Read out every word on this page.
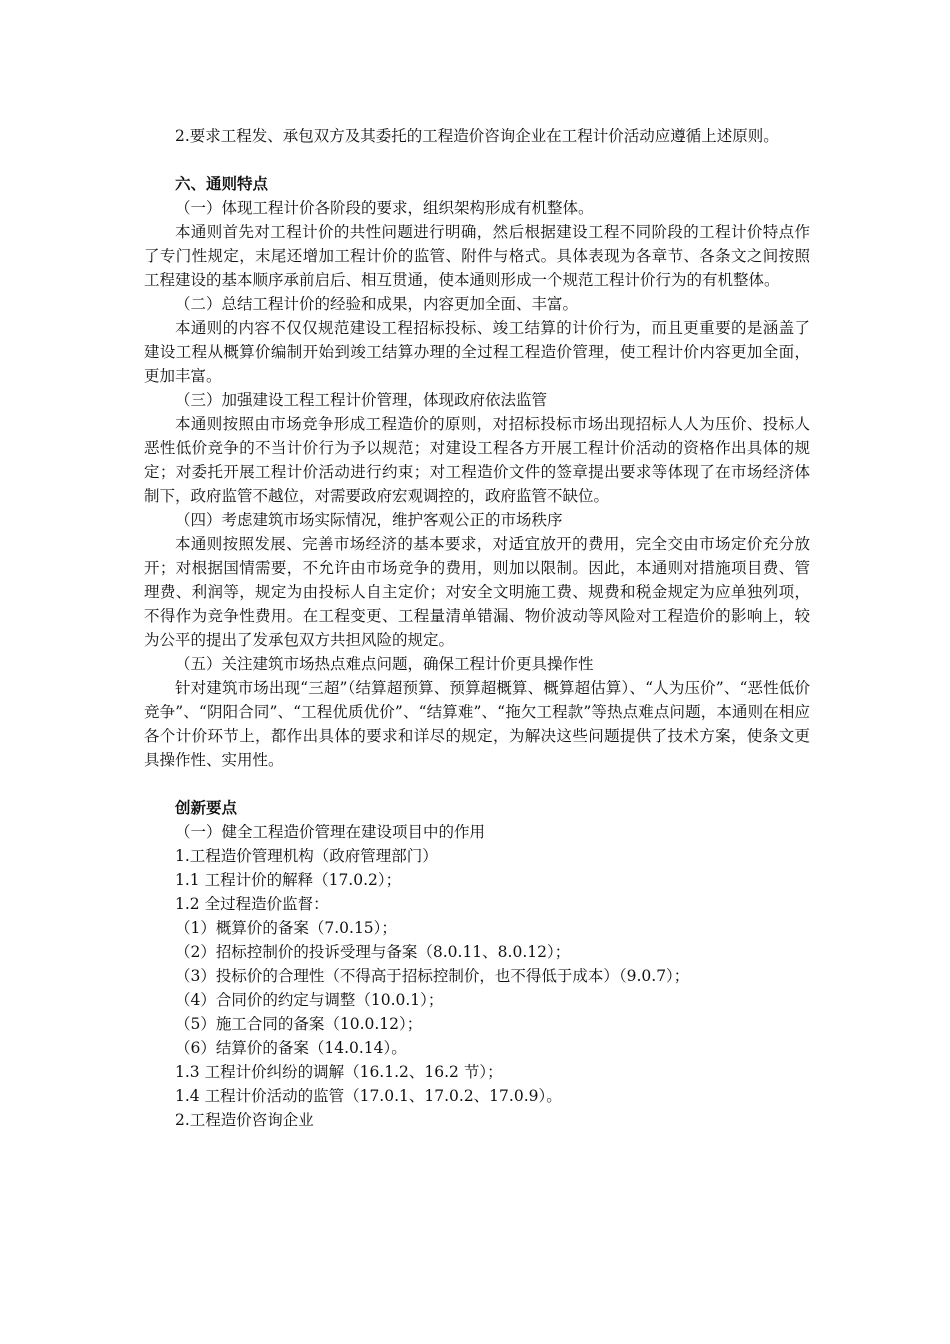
2.要求工程发、承包双方及其委托的工程造价咨询企业在工程计价活动应遵循上述原则。

六、通则特点

（一）体现工程计价各阶段的要求，组织架构形成有机整体。

本通则首先对工程计价的共性问题进行明确，然后根据建设工程不同阶段的工程计价特点作了专门性规定，末尾还增加工程计价的监管、附件与格式。具体表现为各章节、各条文之间按照工程建设的基本顺序承前启后、相互贯通，使本通则形成一个规范工程计价行为的有机整体。

（二）总结工程计价的经验和成果，内容更加全面、丰富。

本通则的内容不仅仅规范建设工程招标投标、竣工结算的计价行为，而且更重要的是涵盖了建设工程从概算价编制开始到竣工结算办理的全过程工程造价管理，使工程计价内容更加全面，更加丰富。

（三）加强建设工程工程计价管理，体现政府依法监管

本通则按照由市场竞争形成工程造价的原则，对招标投标市场出现招标人人为压价、投标人恶性低价竞争的不当计价行为予以规范；对建设工程各方开展工程计价活动的资格作出具体的规定；对委托开展工程计价活动进行约束；对工程造价文件的签章提出要求等体现了在市场经济体制下，政府监管不越位，对需要政府宏观调控的，政府监管不缺位。

（四）考虑建筑市场实际情况，维护客观公正的市场秩序

本通则按照发展、完善市场经济的基本要求，对适宜放开的费用，完全交由市场定价充分放开；对根据国情需要，不允许由市场竞争的费用，则加以限制。因此，本通则对措施项目费、管理费、利润等，规定为由投标人自主定价；对安全文明施工费、规费和税金规定为应单独列项，不得作为竞争性费用。在工程变更、工程量清单错漏、物价波动等风险对工程造价的影响上，较为公平的提出了发承包双方共担风险的规定。

（五）关注建筑市场热点难点问题，确保工程计价更具操作性

针对建筑市场出现“三超”（结算超预算、预算超概算、概算超估算）、“人为压价”、“恶性低价竞争”、“阴阳合同”、“工程优质优价”、“结算难”、“拖欠工程款”等热点难点问题，本通则在相应各个计价环节上，都作出具体的要求和详尽的规定，为解决这些问题提供了技术方案，使条文更具操作性、实用性。

创新要点

（一）健全工程造价管理在建设项目中的作用

1.工程造价管理机构（政府管理部门）

1.1 工程计价的解释（17.0.2）；

1.2 全过程造价监督：

（1）概算价的备案（7.0.15）；

（2）招标控制价的投诉受理与备案（8.0.11、8.0.12）；

（3）投标价的合理性（不得高于招标控制价，也不得低于成本）（9.0.7）；

（4）合同价的约定与调整（10.0.1）；

（5）施工合同的备案（10.0.12）；

（6）结算价的备案（14.0.14）。

1.3 工程计价纠纷的调解（16.1.2、16.2 节）；

1.4 工程计价活动的监管（17.0.1、17.0.2、17.0.9）。

2.工程造价咨询企业
